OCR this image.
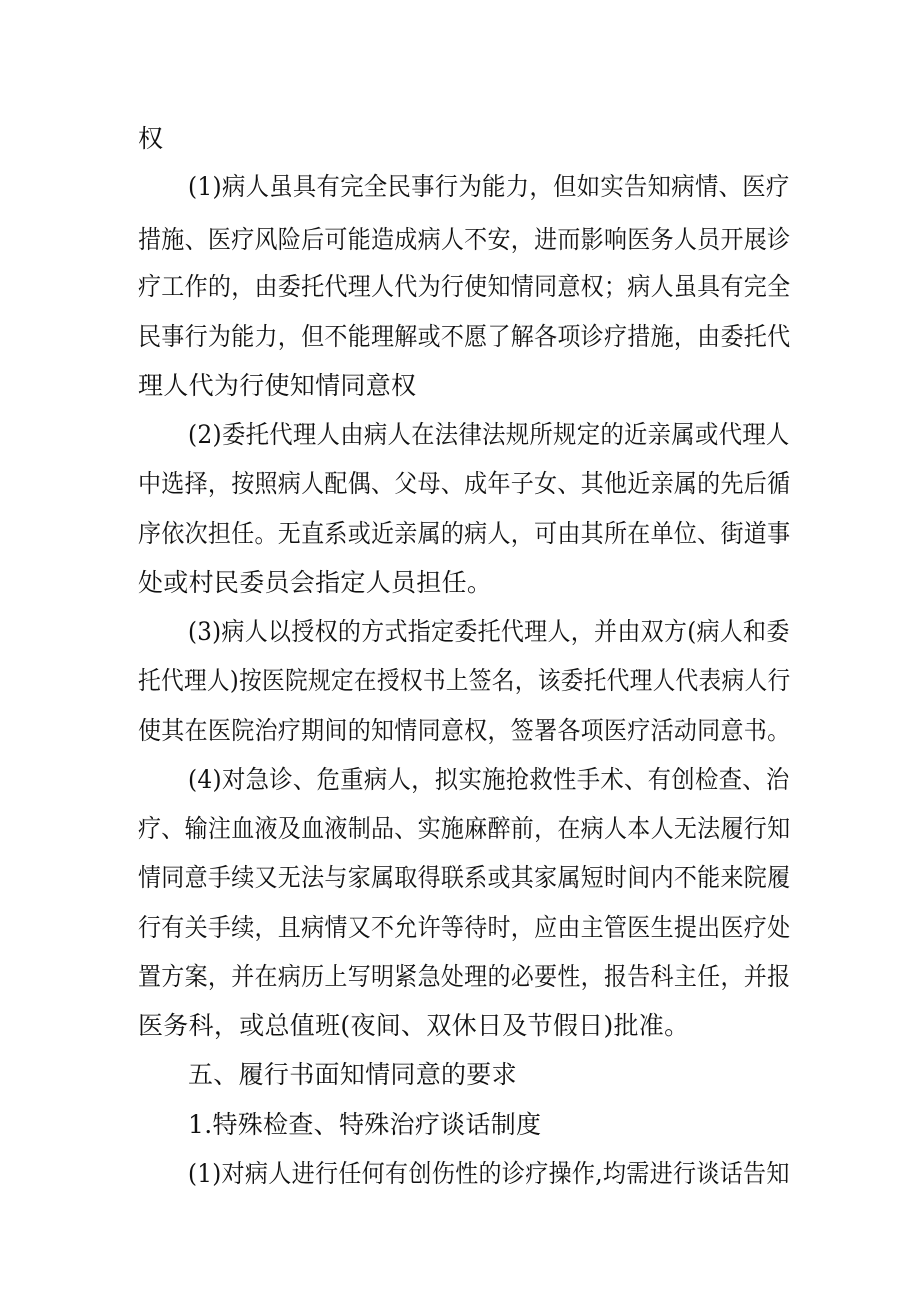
权
(1)病人虽具有完全民事行为能力，但如实告知病情、医疗
措施、医疗风险后可能造成病人不安，进而影响医务人员开展诊
疗工作的，由委托代理人代为行使知情同意权；病人虽具有完全
民事行为能力，但不能理解或不愿了解各项诊疗措施，由委托代
理人代为行使知情同意权
(2)委托代理人由病人在法律法规所规定的近亲属或代理人
中选择，按照病人配偶、父母、成年子女、其他近亲属的先后循
序依次担任。无直系或近亲属的病人，可由其所在单位、街道事
处或村民委员会指定人员担任。
(3)病人以授权的方式指定委托代理人，并由双方(病人和委
托代理人)按医院规定在授权书上签名，该委托代理人代表病人行
使其在医院治疗期间的知情同意权，签署各项医疗活动同意书。
(4)对急诊、危重病人，拟实施抢救性手术、有创检查、治
疗、输注血液及血液制品、实施麻醉前，在病人本人无法履行知
情同意手续又无法与家属取得联系或其家属短时间内不能来院履
行有关手续，且病情又不允许等待时，应由主管医生提出医疗处
置方案，并在病历上写明紧急处理的必要性，报告科主任，并报
医务科，或总值班(夜间、双休日及节假日)批准。
五、履行书面知情同意的要求
1.特殊检查、特殊治疗谈话制度
(1)对病人进行任何有创伤性的诊疗操作,均需进行谈话告知
